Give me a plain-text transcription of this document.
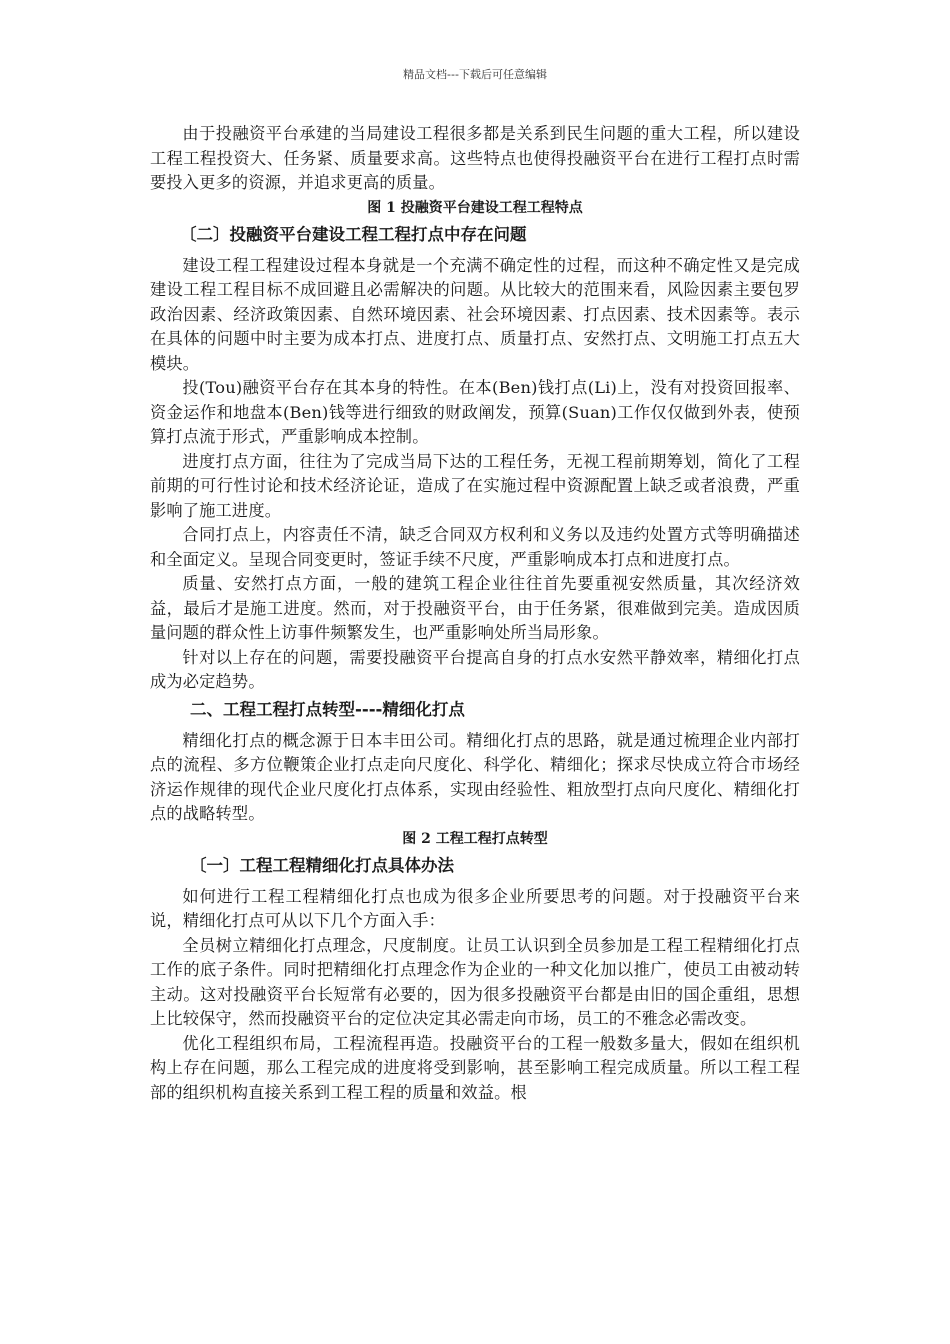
精品文档---下载后可任意编辑

由于投融资平台承建的当局建设工程很多都是关系到民生问题的重大工程，所以建设工程工程投资大、任务紧、质量要求高。这些特点也使得投融资平台在进行工程打点时需要投入更多的资源，并追求更高的质量。

图 1 投融资平台建设工程工程特点

〔二〕投融资平台建设工程工程打点中存在问题

建设工程工程建设过程本身就是一个充满不确定性的过程，而这种不确定性又是完成建设工程工程目标不成回避且必需解决的问题。从比较大的范围来看，风险因素主要包罗 政治因素、经济政策因素、自然环境因素、社会环境因素、打点因素、技术因素等。表示在具体的问题中时主要为成本打点、进度打点、质量打点、安然打点、文明施工打点五大模块。

投(Tou)融资平台存在其本身的特性。在本(Ben)钱打点(Li)上，没有对投资回报率、资金运作和地盘本(Ben)钱等进行细致的财政阐发，预算(Suan)工作仅仅做到外表，使预算打点流于形式，严重影响成本控制。

进度打点方面，往往为了完成当局下达的工程任务，无视工程前期筹划，简化了工程前期的可行性讨论和技术经济论证，造成了在实施过程中资源配置上缺乏或者浪费，严重影响了施工进度。

合同打点上，内容责任不清，缺乏合同双方权利和义务以及违约处置方式等明确描述和全面定义。呈现合同变更时，签证手续不尺度，严重影响成本打点和进度打点。

质量、安然打点方面，一般的建筑工程企业往往首先要重视安然质量，其次经济效益，最后才是施工进度。然而，对于投融资平台，由于任务紧，很难做到完美。造成因质量问题的群众性上访事件频繁发生，也严重影响处所当局形象。

针对以上存在的问题，需要投融资平台提高自身的打点水安然平静效率，精细化打点成为必定趋势。

二、工程工程打点转型----精细化打点

精细化打点的概念源于日本丰田公司。精细化打点的思路，就是通过梳理企业内部打点的流程、多方位鞭策企业打点走向尺度化、科学化、精细化；探求尽快成立符合市场经济运作规律的现代企业尺度化打点体系，实现由经验性、粗放型打点向尺度化、精细化打点的战略转型。

图 2 工程工程打点转型

〔一〕工程工程精细化打点具体办法

如何进行工程工程精细化打点也成为很多企业所要思考的问题。对于投融资平台来说，精细化打点可从以下几个方面入手：

全员树立精细化打点理念，尺度制度。让员工认识到全员参加是工程工程精细化打点工作的底子条件。同时把精细化打点理念作为企业的一种文化加以推广，使员工由被动转主动。这对投融资平台长短常有必要的，因为很多投融资平台都是由旧的国企重组，思想上比较保守，然而投融资平台的定位决定其必需走向市场，员工的不雅念必需改变。

优化工程组织布局，工程流程再造。投融资平台的工程一般数多量大，假如在组织机构上存在问题，那么工程完成的进度将受到影响，甚至影响工程完成质量。所以工程工程部的组织机构直接关系到工程工程的质量和效益。根
